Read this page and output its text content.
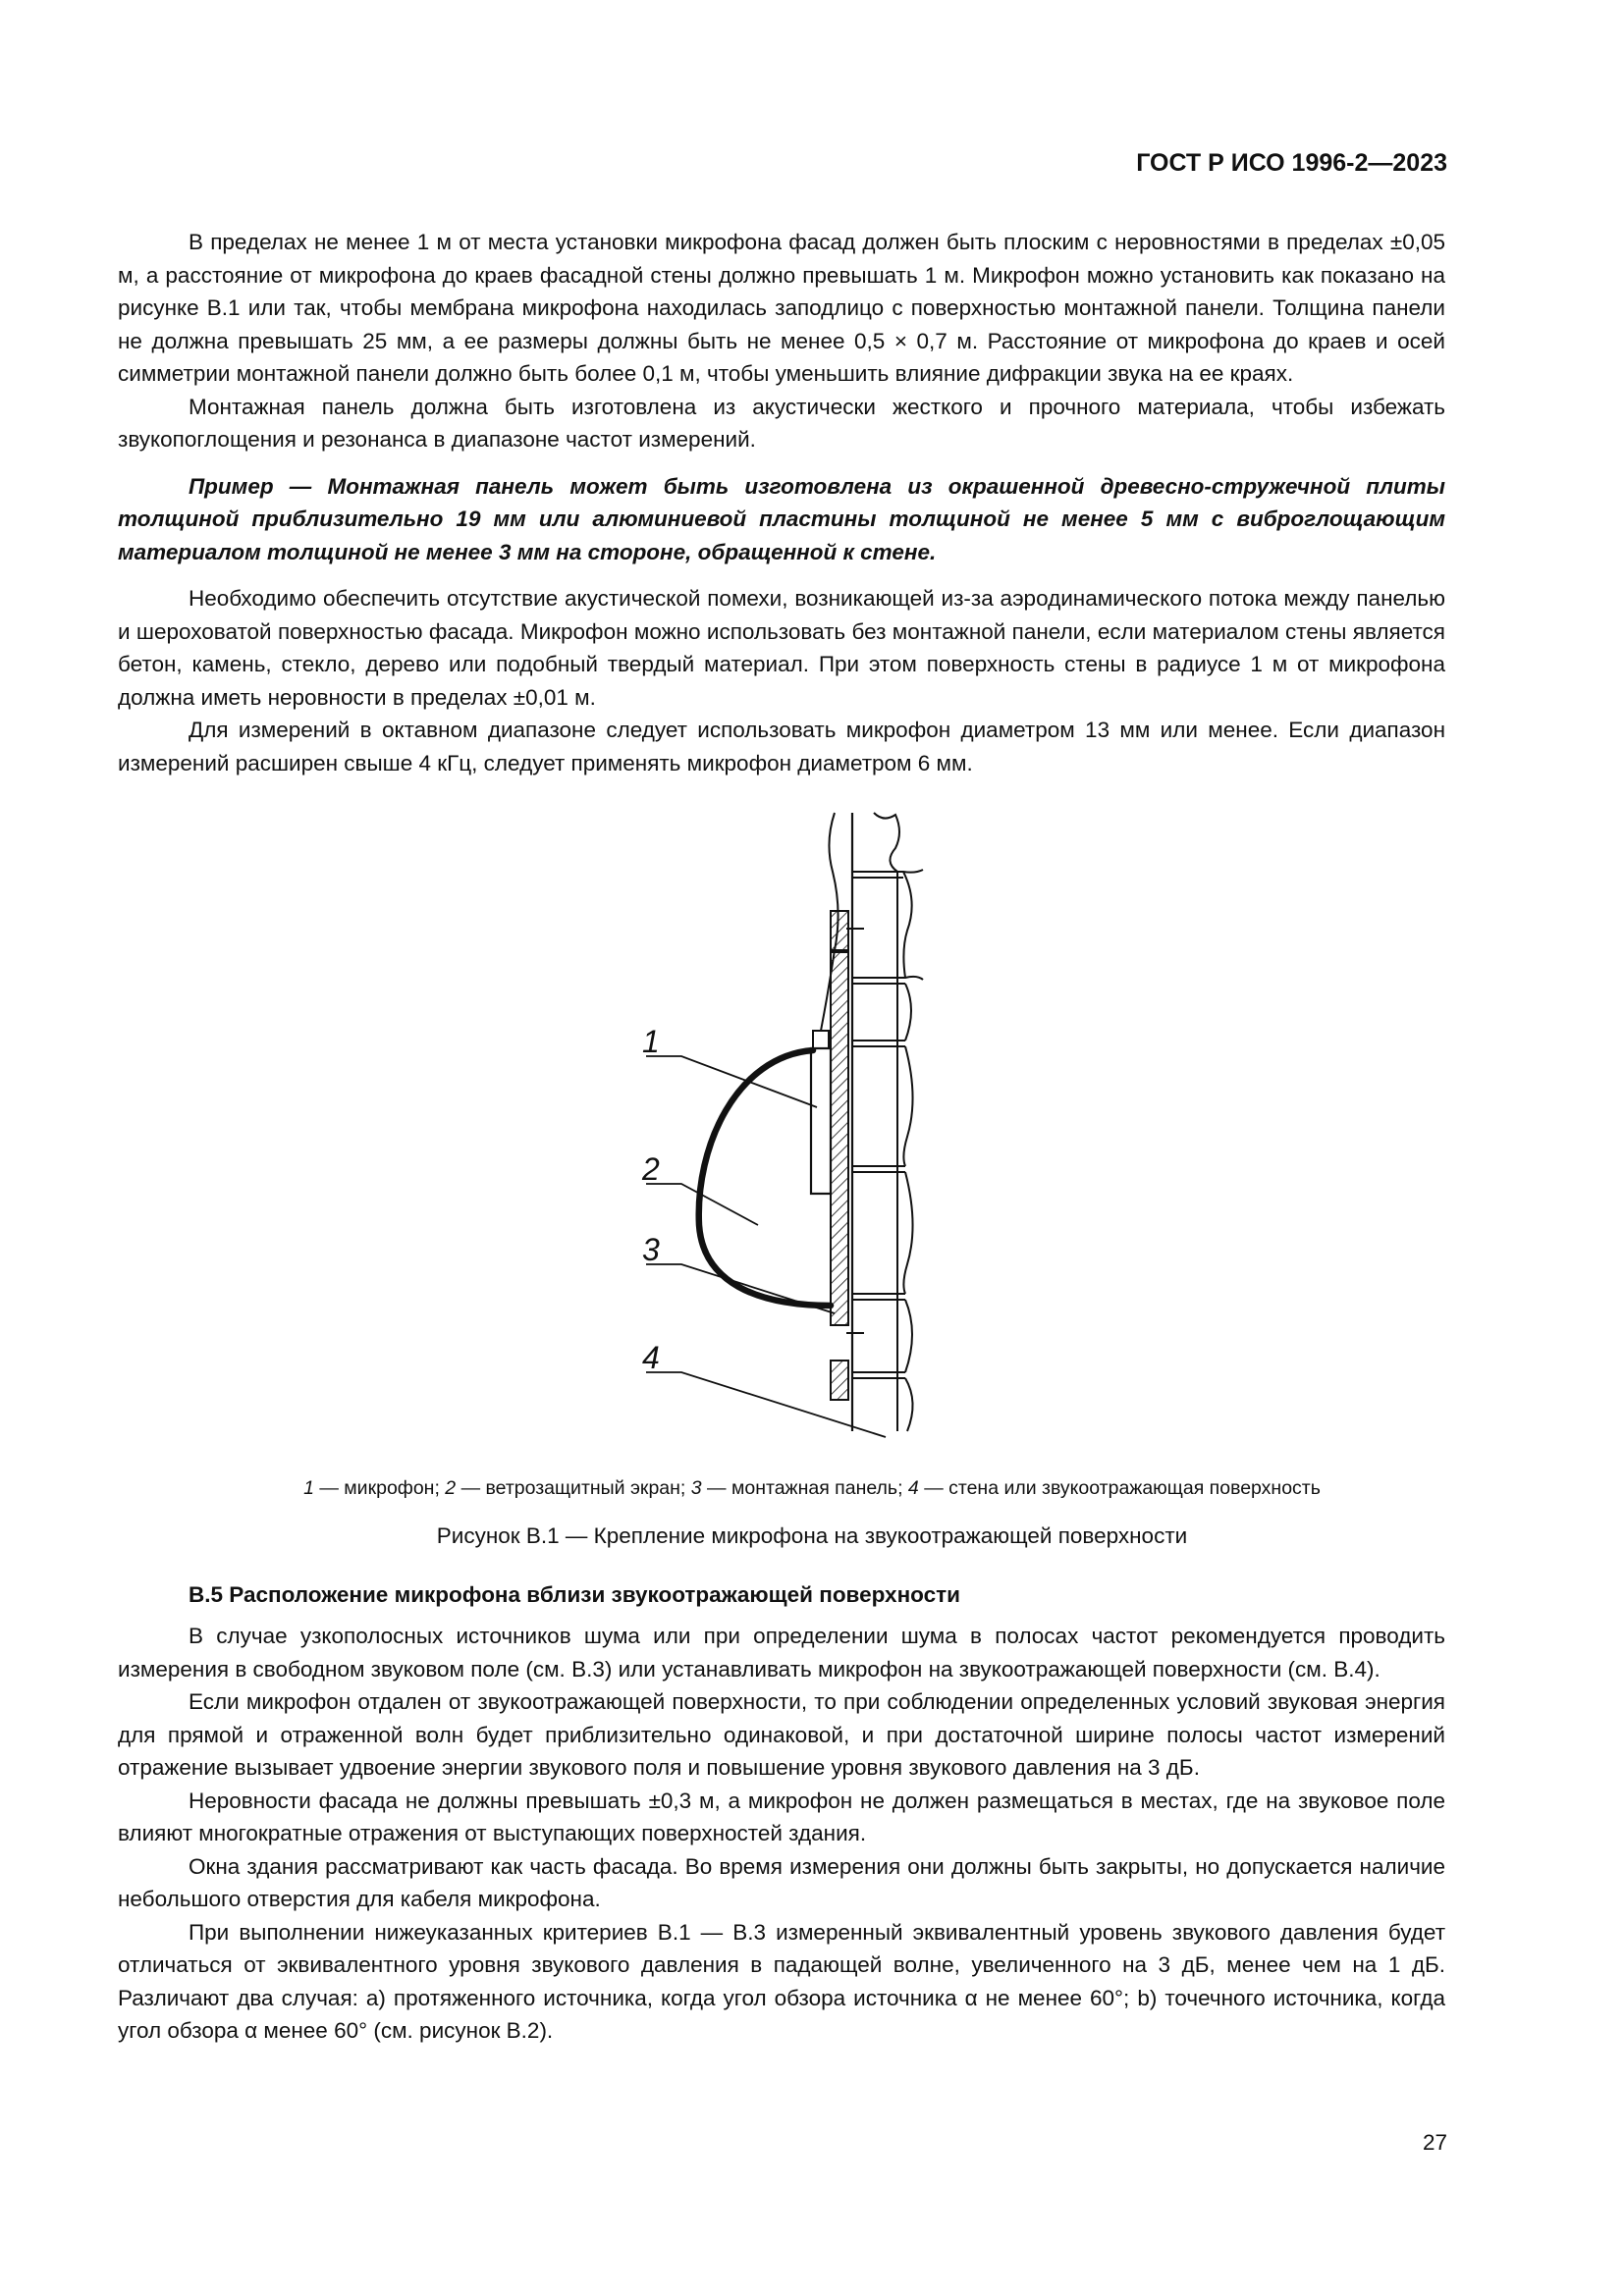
ГОСТ Р ИСО 1996-2—2023

В пределах не менее 1 м от места установки микрофона фасад должен быть плоским с неровностями в пределах ±0,05 м, а расстояние от микрофона до краев фасадной стены должно превышать 1 м. Микрофон можно установить как показано на рисунке В.1 или так, чтобы мембрана микрофона находилась заподлицо с поверхностью монтажной панели. Толщина панели не должна превышать 25 мм, а ее размеры должны быть не менее 0,5 × 0,7 м. Расстояние от микрофона до краев и осей симметрии монтажной панели должно быть более 0,1 м, чтобы уменьшить влияние дифракции звука на ее краях.

Монтажная панель должна быть изготовлена из акустически жесткого и прочного материала, чтобы избежать звукопоглощения и резонанса в диапазоне частот измерений.

Пример — Монтажная панель может быть изготовлена из окрашенной древесно-стружечной плиты толщиной приблизительно 19 мм или алюминиевой пластины толщиной не менее 5 мм с виброглощающим материалом толщиной не менее 3 мм на стороне, обращенной к стене.

Необходимо обеспечить отсутствие акустической помехи, возникающей из-за аэродинамического потока между панелью и шероховатой поверхностью фасада. Микрофон можно использовать без монтажной панели, если материалом стены является бетон, камень, стекло, дерево или подобный твердый материал. При этом поверхность стены в радиусе 1 м от микрофона должна иметь неровности в пределах ±0,01 м.

Для измерений в октавном диапазоне следует использовать микрофон диаметром 13 мм или менее. Если диапазон измерений расширен свыше 4 кГц, следует применять микрофон диаметром 6 мм.

1
2
3
4
1 — микрофон; 2 — ветрозащитный экран; 3 — монтажная панель; 4 — стена или звукоотражающая поверхность
Рисунок В.1 — Крепление микрофона на звукоотражающей поверхности
В.5 Расположение микрофона вблизи звукоотражающей поверхности

В случае узкополосных источников шума или при определении шума в полосах частот рекомендуется проводить измерения в свободном звуковом поле (см. В.3) или устанавливать микрофон на звукоотражающей поверхности (см. В.4).

Если микрофон отдален от звукоотражающей поверхности, то при соблюдении определенных условий звуковая энергия для прямой и отраженной волн будет приблизительно одинаковой, и при достаточной ширине полосы частот измерений отражение вызывает удвоение энергии звукового поля и повышение уровня звукового давления на 3 дБ.

Неровности фасада не должны превышать ±0,3 м, а микрофон не должен размещаться в местах, где на звуковое поле влияют многократные отражения от выступающих поверхностей здания.

Окна здания рассматривают как часть фасада. Во время измерения они должны быть закрыты, но допускается наличие небольшого отверстия для кабеля микрофона.

При выполнении нижеуказанных критериев В.1 — В.3 измеренный эквивалентный уровень звукового давления будет отличаться от эквивалентного уровня звукового давления в падающей волне, увеличенного на 3 дБ, менее чем на 1 дБ. Различают два случая: a) протяженного источника, когда угол обзора источника α не менее 60°; b) точечного источника, когда угол обзора α менее 60° (см. рисунок В.2).

27
